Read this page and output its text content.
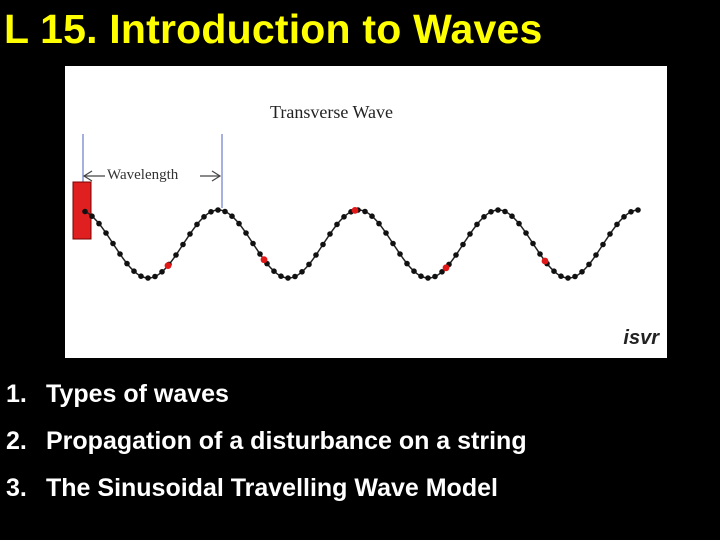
L 15. Introduction to Waves
Transverse Wave
Wavelength
isvr
1. Types of waves
2. Propagation of a disturbance on a string
3. The Sinusoidal Travelling Wave Model
